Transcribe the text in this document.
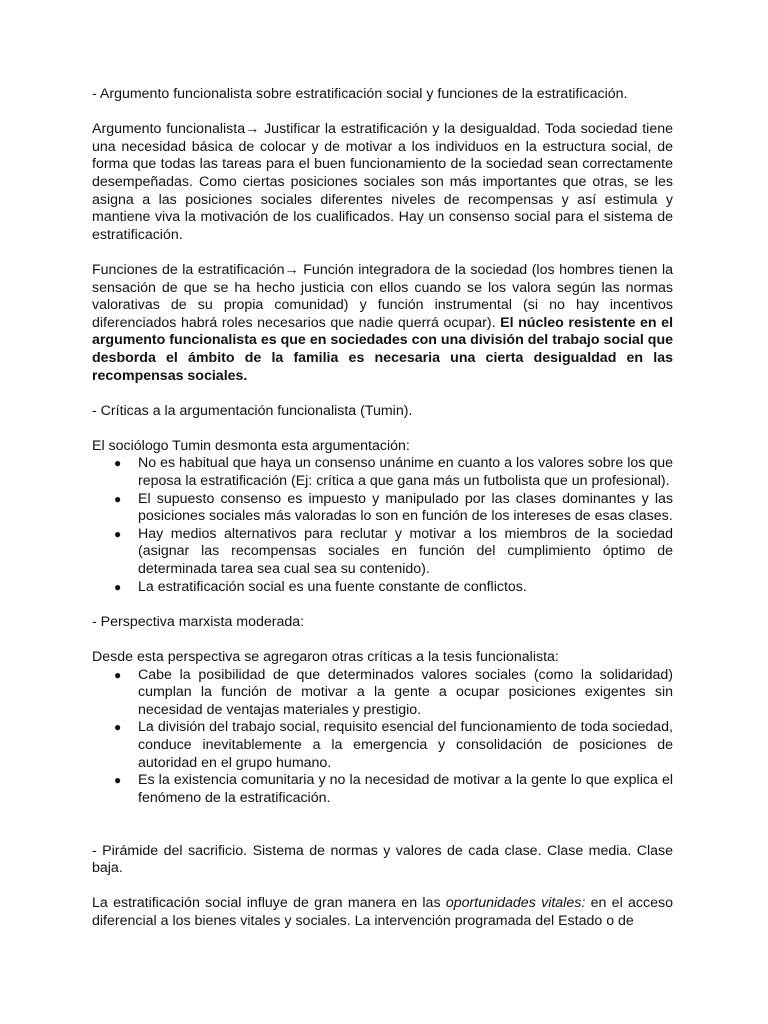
- Argumento funcionalista sobre estratificación social y funciones de la estratificación.

Argumento funcionalista→ Justificar la estratificación y la desigualdad. Toda sociedad tiene una necesidad básica de colocar y de motivar a los individuos en la estructura social, de forma que todas las tareas para el buen funcionamiento de la sociedad sean correctamente desempeñadas. Como ciertas posiciones sociales son más importantes que otras, se les asigna a las posiciones sociales diferentes niveles de recompensas y así estimula y mantiene viva la motivación de los cualificados. Hay un consenso social para el sistema de estratificación.

Funciones de la estratificación→ Función integradora de la sociedad (los hombres tienen la sensación de que se ha hecho justicia con ellos cuando se los valora según las normas valorativas de su propia comunidad) y función instrumental (si no hay incentivos diferenciados habrá roles necesarios que nadie querrá ocupar). El núcleo resistente en el argumento funcionalista es que en sociedades con una división del trabajo social que desborda el ámbito de la familia es necesaria una cierta desigualdad en las recompensas sociales.

- Críticas a la argumentación funcionalista (Tumin).

El sociólogo Tumin desmonta esta argumentación:

● No es habitual que haya un consenso unánime en cuanto a los valores sobre los que reposa la estratificación (Ej: crítica a que gana más un futbolista que un profesional).
● El supuesto consenso es impuesto y manipulado por las clases dominantes y las posiciones sociales más valoradas lo son en función de los intereses de esas clases.
● Hay medios alternativos para reclutar y motivar a los miembros de la sociedad (asignar las recompensas sociales en función del cumplimiento óptimo de determinada tarea sea cual sea su contenido).
● La estratificación social es una fuente constante de conflictos.

- Perspectiva marxista moderada:

Desde esta perspectiva se agregaron otras críticas a la tesis funcionalista:

● Cabe la posibilidad de que determinados valores sociales (como la solidaridad) cumplan la función de motivar a la gente a ocupar posiciones exigentes sin necesidad de ventajas materiales y prestigio.
● La división del trabajo social, requisito esencial del funcionamiento de toda sociedad, conduce inevitablemente a la emergencia y consolidación de posiciones de autoridad en el grupo humano.
● Es la existencia comunitaria y no la necesidad de motivar a la gente lo que explica el fenómeno de la estratificación.

- Pirámide del sacrificio. Sistema de normas y valores de cada clase. Clase media. Clase baja.

La estratificación social influye de gran manera en las oportunidades vitales: en el acceso diferencial a los bienes vitales y sociales. La intervención programada del Estado o de
